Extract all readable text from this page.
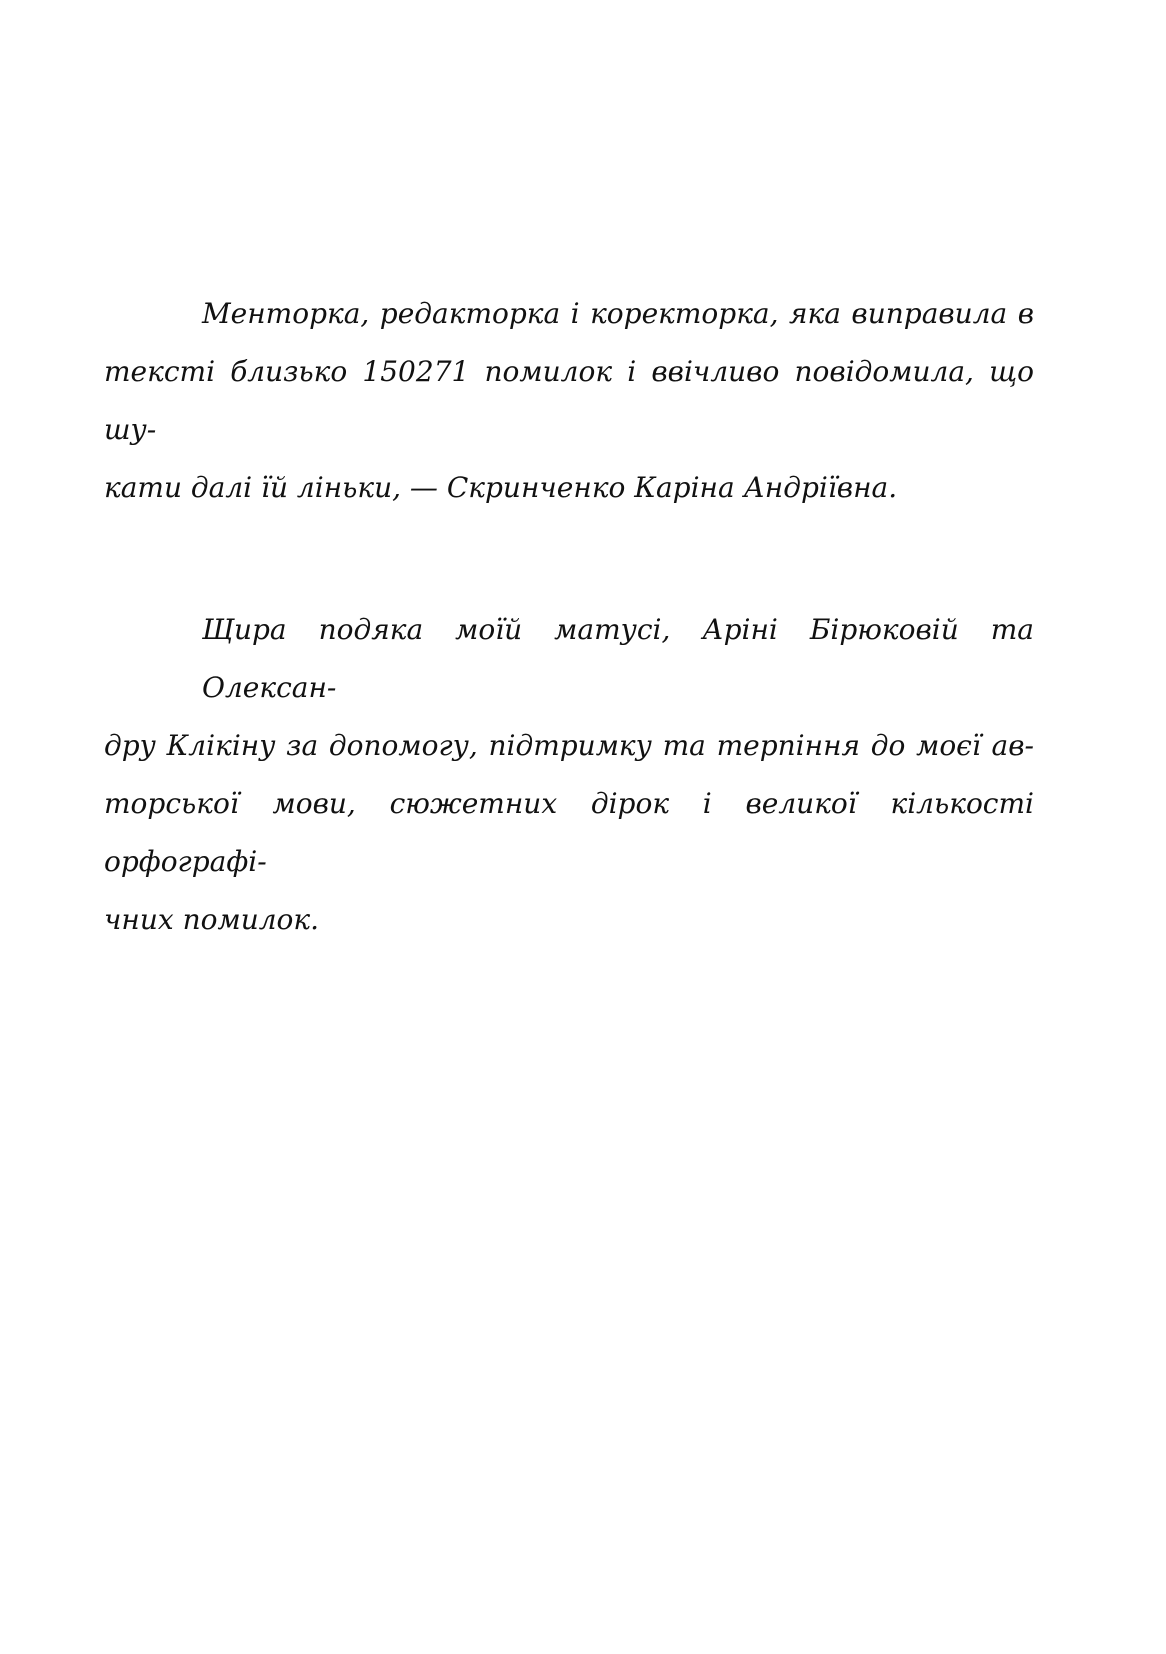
Менторка, редакторка і коректорка, яка виправила в
тексті близько 150271 помилок і ввічливо повідомила, що шу-
кати далі їй ліньки, — Скринченко Каріна Андріївна.

Щира подяка моїй матусі, Аріні Бірюковій та Олексан-
дру Клікіну за допомогу, підтримку та терпіння до моєї ав-
торської мови, сюжетних дірок і великої кількості орфографі-
чних помилок.
